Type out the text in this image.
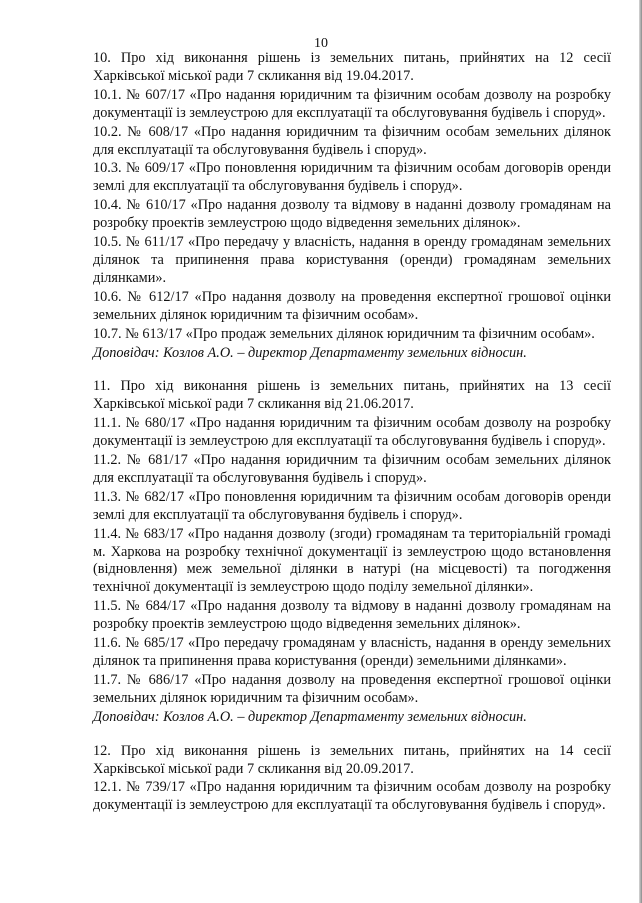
10

10. Про хід виконання рішень із земельних питань, прийнятих на 12 сесії Харківської міської ради 7 скликання від 19.04.2017.

10.1. № 607/17 «Про надання юридичним та фізичним особам дозволу на розробку документації із землеустрою для експлуатації та обслуговування будівель і споруд».

10.2. № 608/17 «Про надання юридичним та фізичним особам земельних ділянок для експлуатації та обслуговування будівель і споруд».

10.3. № 609/17 «Про поновлення юридичним та фізичним особам договорів оренди землі для експлуатації та обслуговування будівель і споруд».

10.4. № 610/17 «Про надання дозволу та відмову в наданні дозволу громадянам на розробку проектів землеустрою щодо відведення земельних ділянок».

10.5. № 611/17 «Про передачу у власність, надання в оренду громадянам земельних ділянок та припинення права користування (оренди) громадянам земельних ділянками».

10.6. № 612/17 «Про надання дозволу на проведення експертної грошової оцінки земельних ділянок юридичним та фізичним особам».

10.7. № 613/17 «Про продаж земельних ділянок юридичним та фізичним особам».

Доповідач: Козлов А.О. – директор Департаменту земельних відносин.

11. Про хід виконання рішень із земельних питань, прийнятих на 13 сесії Харківської міської ради 7 скликання від 21.06.2017.

11.1. № 680/17 «Про надання юридичним та фізичним особам дозволу на розробку документації із землеустрою для експлуатації та обслуговування будівель і споруд».

11.2. № 681/17 «Про надання юридичним та фізичним особам земельних ділянок для експлуатації та обслуговування будівель і споруд».

11.3. № 682/17 «Про поновлення юридичним та фізичним особам договорів оренди землі для експлуатації та обслуговування будівель і споруд».

11.4. № 683/17 «Про надання дозволу (згоди) громадянам та територіальній громаді м. Харкова на розробку технічної документації із землеустрою щодо встановлення (відновлення) меж земельної ділянки в натурі (на місцевості) та погодження технічної документації із землеустрою щодо поділу земельної ділянки».

11.5. № 684/17 «Про надання дозволу та відмову в наданні дозволу громадянам на розробку проектів землеустрою щодо відведення земельних ділянок».

11.6. № 685/17 «Про передачу громадянам у власність, надання в оренду земельних ділянок та припинення права користування (оренди) земельними ділянками».

11.7. № 686/17 «Про надання дозволу на проведення експертної грошової оцінки земельних ділянок юридичним та фізичним особам».

Доповідач: Козлов А.О. – директор Департаменту земельних відносин.

12. Про хід виконання рішень із земельних питань, прийнятих на 14 сесії Харківської міської ради 7 скликання від 20.09.2017.

12.1. № 739/17 «Про надання юридичним та фізичним особам дозволу на розробку документації із землеустрою для експлуатації та обслуговування будівель і споруд».
